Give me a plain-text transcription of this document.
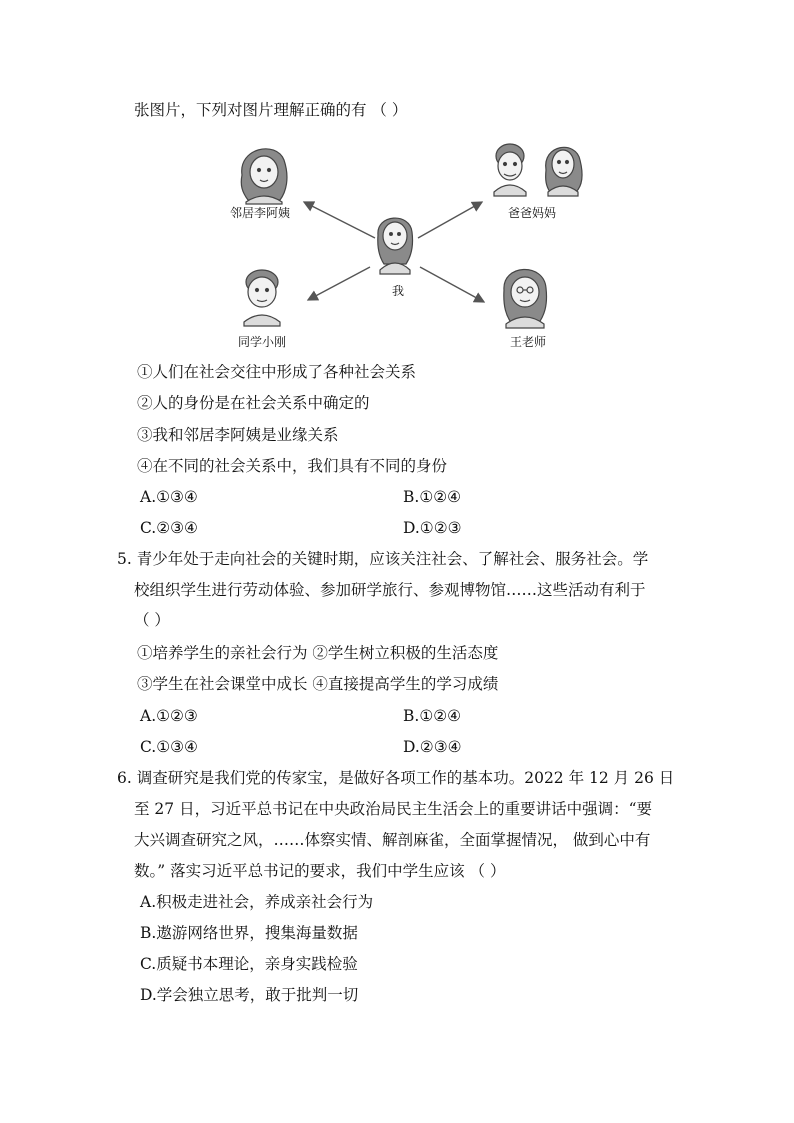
张图片，下列对图片理解正确的有 （ ）
邻居李阿姨	爸爸妈妈
我
同学小刚	王老师
①人们在社会交往中形成了各种社会关系
②人的身份是在社会关系中确定的
③我和邻居李阿姨是业缘关系
④在不同的社会关系中，我们具有不同的身份
A.①③④	B.①②④
C.②③④	D.①②③
5. 青少年处于走向社会的关键时期，应该关注社会、了解社会、服务社会。学
校组织学生进行劳动体验、参加研学旅行、参观博物馆……这些活动有利于
（ ）
①培养学生的亲社会行为 ②学生树立积极的生活态度
③学生在社会课堂中成长 ④直接提高学生的学习成绩
A.①②③	B.①②④
C.①③④	D.②③④
6. 调查研究是我们党的传家宝，是做好各项工作的基本功。2022 年 12 月 26 日
至 27 日，习近平总书记在中央政治局民主生活会上的重要讲话中强调：“要
大兴调查研究之风，……体察实情、解剖麻雀，全面掌握情况， 做到心中有
数。” 落实习近平总书记的要求，我们中学生应该 （ ）
A.积极走进社会，养成亲社会行为
B.遨游网络世界，搜集海量数据
C.质疑书本理论，亲身实践检验
D.学会独立思考，敢于批判一切
